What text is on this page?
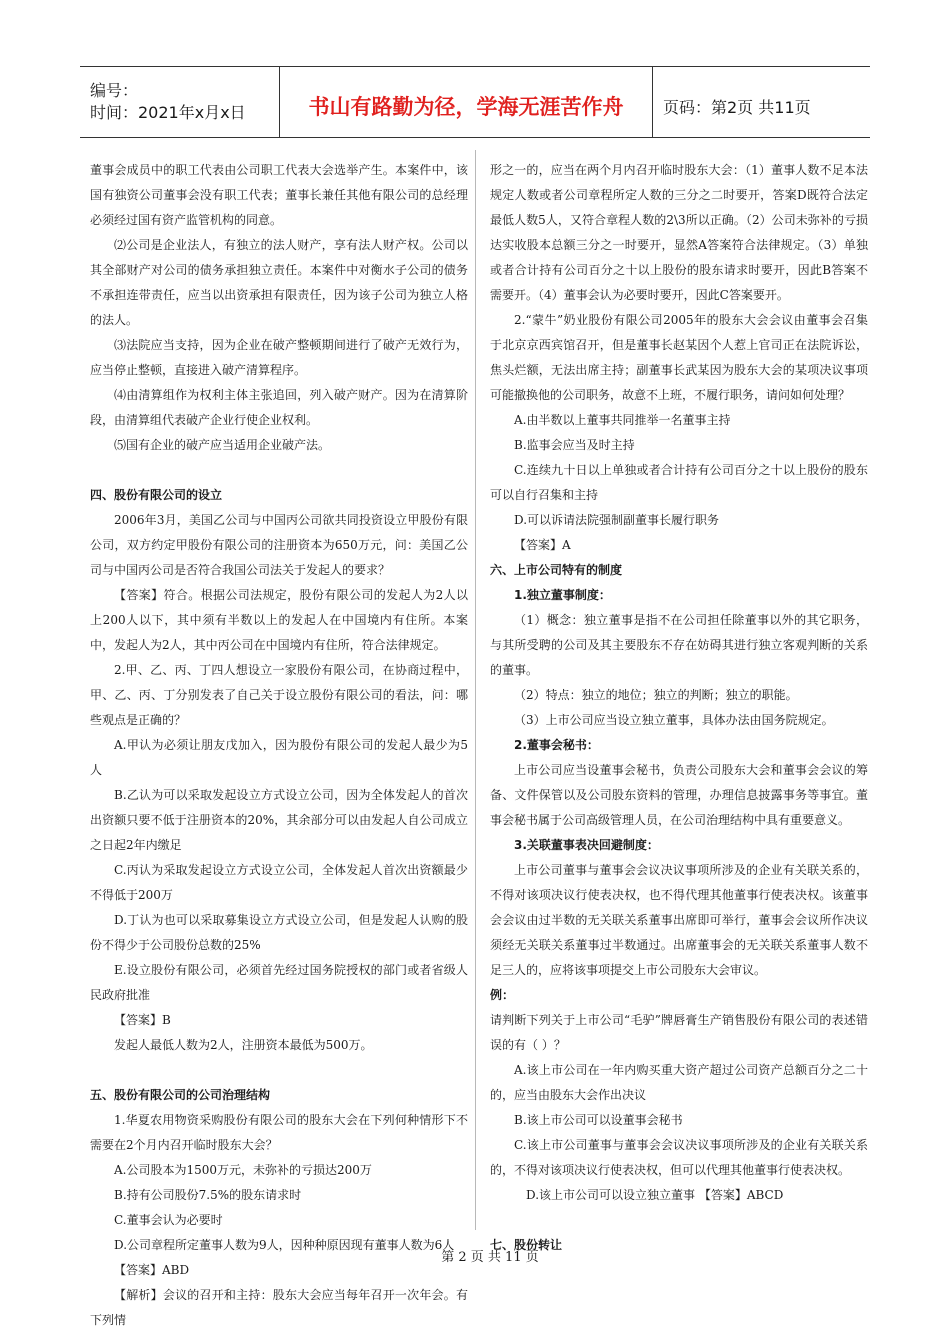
编号：
时间：2021年x月x日	书山有路勤为径，学海无涯苦作舟 页码：第2页 共11页

董事会成员中的职工代表由公司职工代表大会选举产生。本案件中，该国有独资公司董事会没有职工代表；董事长兼任其他有限公司的总经理必须经过国有资产监管机构的同意。

⑵公司是企业法人，有独立的法人财产，享有法人财产权。公司以其全部财产对公司的债务承担独立责任。本案件中对衡水子公司的债务不承担连带责任，应当以出资承担有限责任，因为该子公司为独立人格的法人。

⑶法院应当支持，因为企业在破产整顿期间进行了破产无效行为，应当停止整顿，直接进入破产清算程序。

⑷由清算组作为权利主体主张追回，列入破产财产。因为在清算阶段，由清算组代表破产企业行使企业权利。

⑸国有企业的破产应当适用企业破产法。

四、股份有限公司的设立

2006年3月，美国乙公司与中国丙公司欲共同投资设立甲股份有限公司，双方约定甲股份有限公司的注册资本为650万元，问：美国乙公司与中国丙公司是否符合我国公司法关于发起人的要求？

【答案】符合。根据公司法规定，股份有限公司的发起人为2人以上200人以下，其中须有半数以上的发起人在中国境内有住所。本案中，发起人为2人，其中丙公司在中国境内有住所，符合法律规定。

2.甲、乙、丙、丁四人想设立一家股份有限公司，在协商过程中，甲、乙、丙、丁分别发表了自己关于设立股份有限公司的看法，问：哪些观点是正确的？

A.甲认为必须让朋友戊加入，因为股份有限公司的发起人最少为5人

B.乙认为可以采取发起设立方式设立公司，因为全体发起人的首次出资额只要不低于注册资本的20%，其余部分可以由发起人自公司成立之日起2年内缴足

C.丙认为采取发起设立方式设立公司，全体发起人首次出资额最少不得低于200万

D.丁认为也可以采取募集设立方式设立公司，但是发起人认购的股份不得少于公司股份总数的25%

E.设立股份有限公司，必须首先经过国务院授权的部门或者省级人民政府批准

【答案】B

发起人最低人数为2人，注册资本最低为500万。

五、股份有限公司的公司治理结构

1.华夏农用物资采购股份有限公司的股东大会在下列何种情形下不需要在2个月内召开临时股东大会？

A.公司股本为1500万元，未弥补的亏损达200万

B.持有公司股份7.5%的股东请求时

C.董事会认为必要时

D.公司章程所定董事人数为9人，因种种原因现有董事人数为6人

【答案】ABD

【解析】会议的召开和主持：股东大会应当每年召开一次年会。有下列情

形之一的，应当在两个月内召开临时股东大会：（1）董事人数不足本法规定人数或者公司章程所定人数的三分之二时要开，答案D既符合法定最低人数5人，又符合章程人数的2\3所以正确。（2）公司未弥补的亏损达实收股本总额三分之一时要开，显然A答案符合法律规定。（3）单独或者合计持有公司百分之十以上股份的股东请求时要开，因此B答案不需要开。（4）董事会认为必要时要开，因此C答案要开。

2.“蒙牛”奶业股份有限公司2005年的股东大会会议由董事会召集于北京京西宾馆召开，但是董事长赵某因个人惹上官司正在法院诉讼，焦头烂额，无法出席主持；副董事长武某因为股东大会的某项决议事项可能撤换他的公司职务，故意不上班，不履行职务，请问如何处理？

A.由半数以上董事共同推举一名董事主持

B.监事会应当及时主持

C.连续九十日以上单独或者合计持有公司百分之十以上股份的股东可以自行召集和主持

D.可以诉请法院强制副董事长履行职务

【答案】A

六、上市公司特有的制度

1.独立董事制度：

（1）概念：独立董事是指不在公司担任除董事以外的其它职务，与其所受聘的公司及其主要股东不存在妨碍其进行独立客观判断的关系的董事。

（2）特点：独立的地位；独立的判断；独立的职能。

（3）上市公司应当设立独立董事，具体办法由国务院规定。

2.董事会秘书：

上市公司应当设董事会秘书，负责公司股东大会和董事会会议的筹备、文件保管以及公司股东资料的管理，办理信息披露事务等事宜。董事会秘书属于公司高级管理人员，在公司治理结构中具有重要意义。

3.关联董事表决回避制度：

上市公司董事与董事会会议决议事项所涉及的企业有关联关系的，不得对该项决议行使表决权，也不得代理其他董事行使表决权。该董事会会议由过半数的无关联关系董事出席即可举行，董事会会议所作决议须经无关联关系董事过半数通过。出席董事会的无关联关系董事人数不足三人的，应将该事项提交上市公司股东大会审议。

例：

请判断下列关于上市公司“毛驴”牌唇膏生产销售股份有限公司的表述错误的有（ ）？

A.该上市公司在一年内购买重大资产超过公司资产总额百分之二十的，应当由股东大会作出决议

B.该上市公司可以设董事会秘书

C.该上市公司董事与董事会会议决议事项所涉及的企业有关联关系的，不得对该项决议行使表决权，但可以代理其他董事行使表决权。

D.该上市公司可以设立独立董事 【答案】ABCD

七、股份转让

第 2 页 共 11 页
